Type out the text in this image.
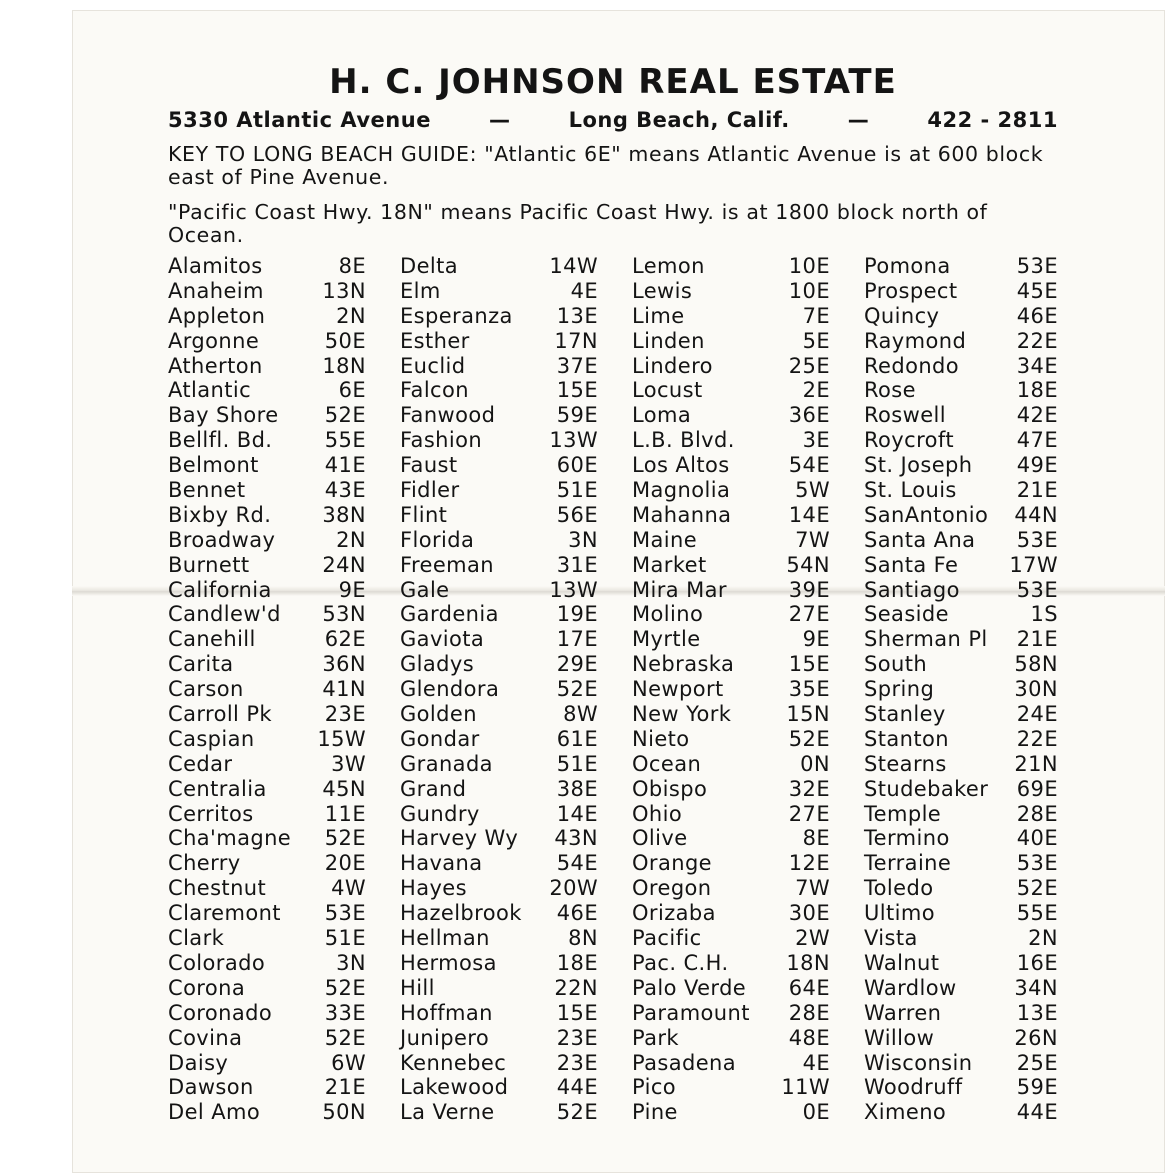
H. C. JOHNSON REAL ESTATE
5330 Atlantic Avenue	—	Long Beach, Calif.	—	422 - 2811
KEY TO LONG BEACH GUIDE: "Atlantic 6E" means Atlantic Avenue is at 600 block east of Pine Avenue.
"Pacific Coast Hwy. 18N" means Pacific Coast Hwy. is at 1800 block north of Ocean.
Alamitos	8E
Anaheim	13N
Appleton	2N
Argonne	50E
Atherton	18N
Atlantic	6E
Bay Shore 52E
Bellfl. Bd. 55E
Belmont	41E
Bennet	43E
Bixby Rd. 38N
Broadway	2N
Burnett	24N
California	9E
Candlew'd 53N
Canehill	62E
Carita	36N
Carson	41N
Carroll Pk	23E
Caspian	15W
Cedar	3W
Centralia	45N
Cerritos	11E
Cha'magne 52E
Cherry	20E
Chestnut	4W
Claremont 53E
Clark	51E
Colorado	3N
Corona	52E
Coronado	33E
Covina	52E
Daisy	6W
Dawson	21E
Del Amo	50N
Delta	14W
Elm	4E
Esperanza 13E
Esther	17N
Euclid	37E
Falcon	15E
Fanwood	59E
Fashion	13W
Faust	60E
Fidler	51E
Flint	56E
Florida	3N
Freeman	31E
Gale	13W
Gardenia	19E
Gaviota	17E
Gladys	29E
Glendora	52E
Golden	8W
Gondar	61E
Granada	51E
Grand	38E
Gundry	14E
Harvey Wy 43N
Havana	54E
Hayes	20W
Hazelbrook 46E
Hellman	8N
Hermosa	18E
Hill	22N
Hoffman	15E
Junipero	23E
Kennebec 23E
Lakewood 44E
La Verne	52E
Lemon	10E
Lewis	10E
Lime	7E
Linden	5E
Lindero	25E
Locust	2E
Loma	36E
L.B. Blvd.	3E
Los Altos	54E
Magnolia	5W
Mahanna	14E
Maine	7W
Market	54N
Mira Mar	39E
Molino	27E
Myrtle	9E
Nebraska	15E
Newport	35E
New York	15N
Nieto	52E
Ocean	0N
Obispo	32E
Ohio	27E
Olive	8E
Orange	12E
Oregon	7W
Orizaba	30E
Pacific	2W
Pac. C.H.	18N
Palo Verde 64E
Paramount 28E
Park	48E
Pasadena	4E
Pico	11W
Pine	0E
Pomona	53E
Prospect	45E
Quincy	46E
Raymond 22E
Redondo	34E
Rose	18E
Roswell	42E
Roycroft	47E
St. Joseph 49E
St. Louis	21E
SanAntonio 44N
Santa Ana 53E
Santa Fe 17W
Santiago	53E
Seaside	1S
Sherman Pl 21E
South	58N
Spring	30N
Stanley	24E
Stanton	22E
Stearns	21N
Studebaker 69E
Temple	28E
Termino	40E
Terraine	53E
Toledo	52E
Ultimo	55E
Vista	2N
Walnut	16E
Wardlow	34N
Warren	13E
Willow	26N
Wisconsin 25E
Woodruff	59E
Ximeno	44E
